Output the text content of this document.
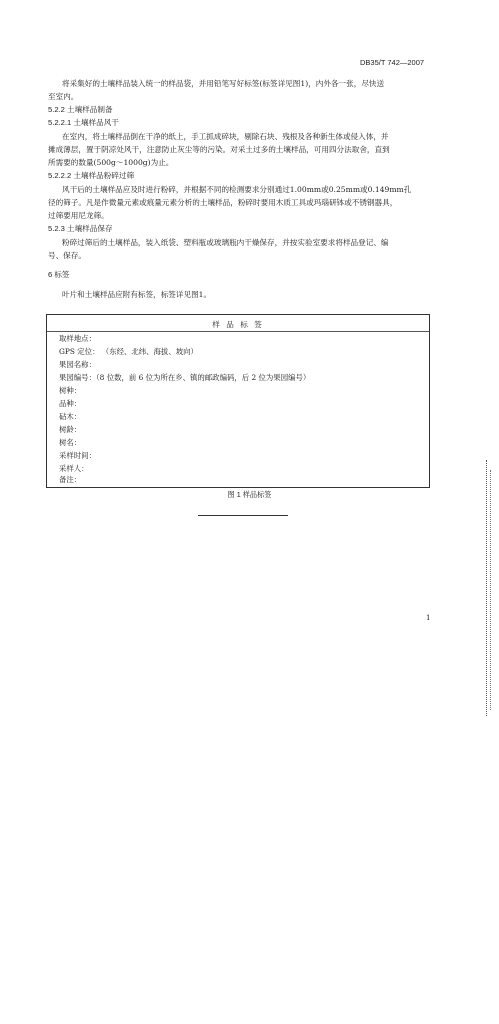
DB35/T 742—2007
将采集好的土壤样品装入统一的样品袋，并用铅笔写好标签(标签详见图1)，内外各一张，尽快送
至室内。
5.2.2 土壤样品制备
5.2.2.1 土壤样品风干
在室内，将土壤样品倒在干净的纸上，手工抓成碎块，剔除石块、残根及各种新生体或侵入体，并
摊成薄层，置于阴凉处风干，注意防止灰尘等的污染。对采土过多的土壤样品，可用四分法取舍，直到
所需要的数量(500g～1000g)为止。
5.2.2.2 土壤样品粉碎过筛
风干后的土壤样品应及时进行粉碎，并根据不同的检测要求分别通过1.00mm或0.25mm或0.149mm孔
径的筛子。凡是作微量元素或痕量元素分析的土壤样品，粉碎时要用木质工具或玛瑙研钵或不锈钢器具，
过筛要用尼龙筛。
5.2.3 土壤样品保存
粉碎过筛后的土壤样品，装入纸袋、塑料瓶或玻璃瓶内干燥保存，并按实验室要求将样品登记、编
号、保存。
6 标签
叶片和土壤样品应附有标签，标签详见图1。
样 品 标 签
取样地点：
GPS 定位： （东经、北纬、海拔、坡向）
果园名称：
果园编号：（8 位数，前 6 位为所在乡、镇的邮政编码，后 2 位为果园编号）
树种：
品种：
砧木：
树龄：
树名：
采样时间：
采样人：
备注：
图 1 样品标签
1
